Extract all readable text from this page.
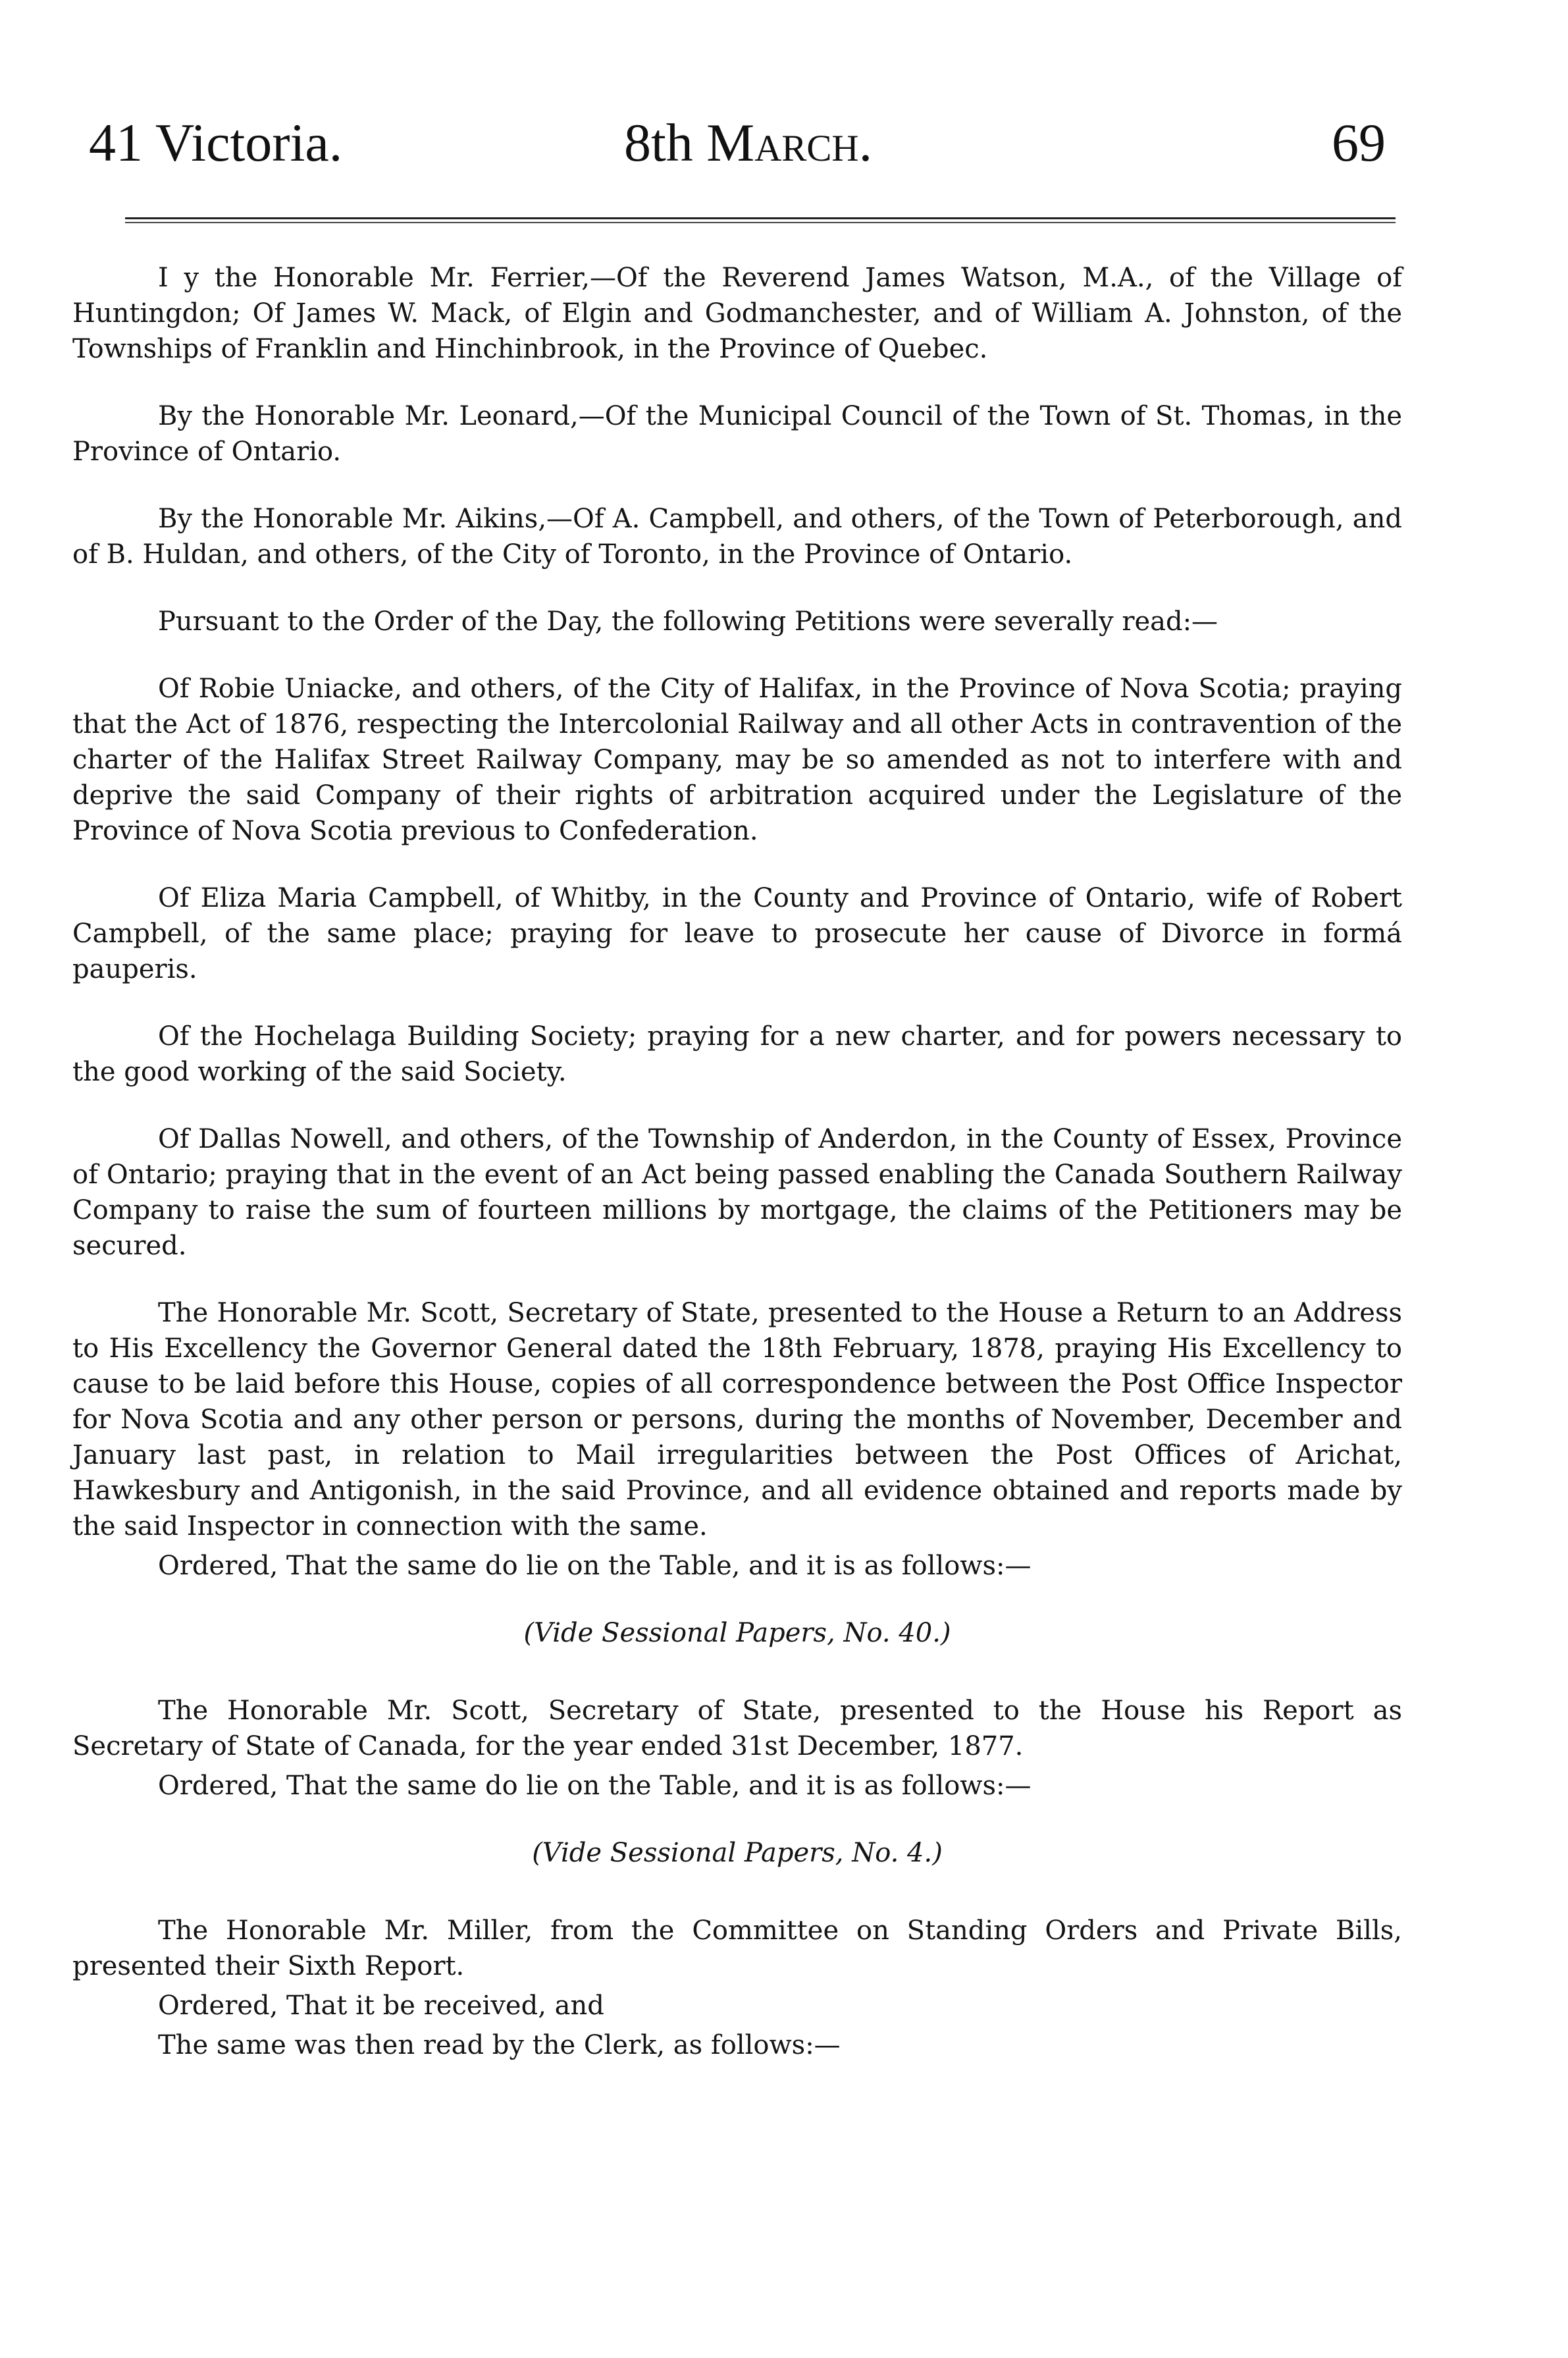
41 Victoria.	8th March.	69

I y the Honorable Mr. Ferrier,—Of the Reverend James Watson, M.A., of the Village of Huntingdon; Of James W. Mack, of Elgin and Godmanchester, and of William A. Johnston, of the Townships of Franklin and Hinchinbrook, in the Province of Quebec.

By the Honorable Mr. Leonard,—Of the Municipal Council of the Town of St. Thomas, in the Province of Ontario.

By the Honorable Mr. Aikins,—Of A. Campbell, and others, of the Town of Peterborough, and of B. Huldan, and others, of the City of Toronto, in the Province of Ontario.

Pursuant to the Order of the Day, the following Petitions were severally read:—

Of Robie Uniacke, and others, of the City of Halifax, in the Province of Nova Scotia; praying that the Act of 1876, respecting the Intercolonial Railway and all other Acts in contravention of the charter of the Halifax Street Railway Company, may be so amended as not to interfere with and deprive the said Company of their rights of arbitration acquired under the Legislature of the Province of Nova Scotia previous to Confederation.

Of Eliza Maria Campbell, of Whitby, in the County and Province of Ontario, wife of Robert Campbell, of the same place; praying for leave to prosecute her cause of Divorce in formá pauperis.

Of the Hochelaga Building Society; praying for a new charter, and for powers necessary to the good working of the said Society.

Of Dallas Nowell, and others, of the Township of Anderdon, in the County of Essex, Province of Ontario; praying that in the event of an Act being passed enabling the Canada Southern Railway Company to raise the sum of fourteen millions by mortgage, the claims of the Petitioners may be secured.

The Honorable Mr. Scott, Secretary of State, presented to the House a Return to an Address to His Excellency the Governor General dated the 18th February, 1878, praying His Excellency to cause to be laid before this House, copies of all correspondence between the Post Office Inspector for Nova Scotia and any other person or persons, during the months of November, December and January last past, in relation to Mail irregularities between the Post Offices of Arichat, Hawkesbury and Antigonish, in the said Province, and all evidence obtained and reports made by the said Inspector in connection with the same.

Ordered, That the same do lie on the Table, and it is as follows:—

(Vide Sessional Papers, No. 40.)

The Honorable Mr. Scott, Secretary of State, presented to the House his Report as Secretary of State of Canada, for the year ended 31st December, 1877.

Ordered, That the same do lie on the Table, and it is as follows:—

(Vide Sessional Papers, No. 4.)

The Honorable Mr. Miller, from the Committee on Standing Orders and Private Bills, presented their Sixth Report.

Ordered, That it be received, and

The same was then read by the Clerk, as follows:—
